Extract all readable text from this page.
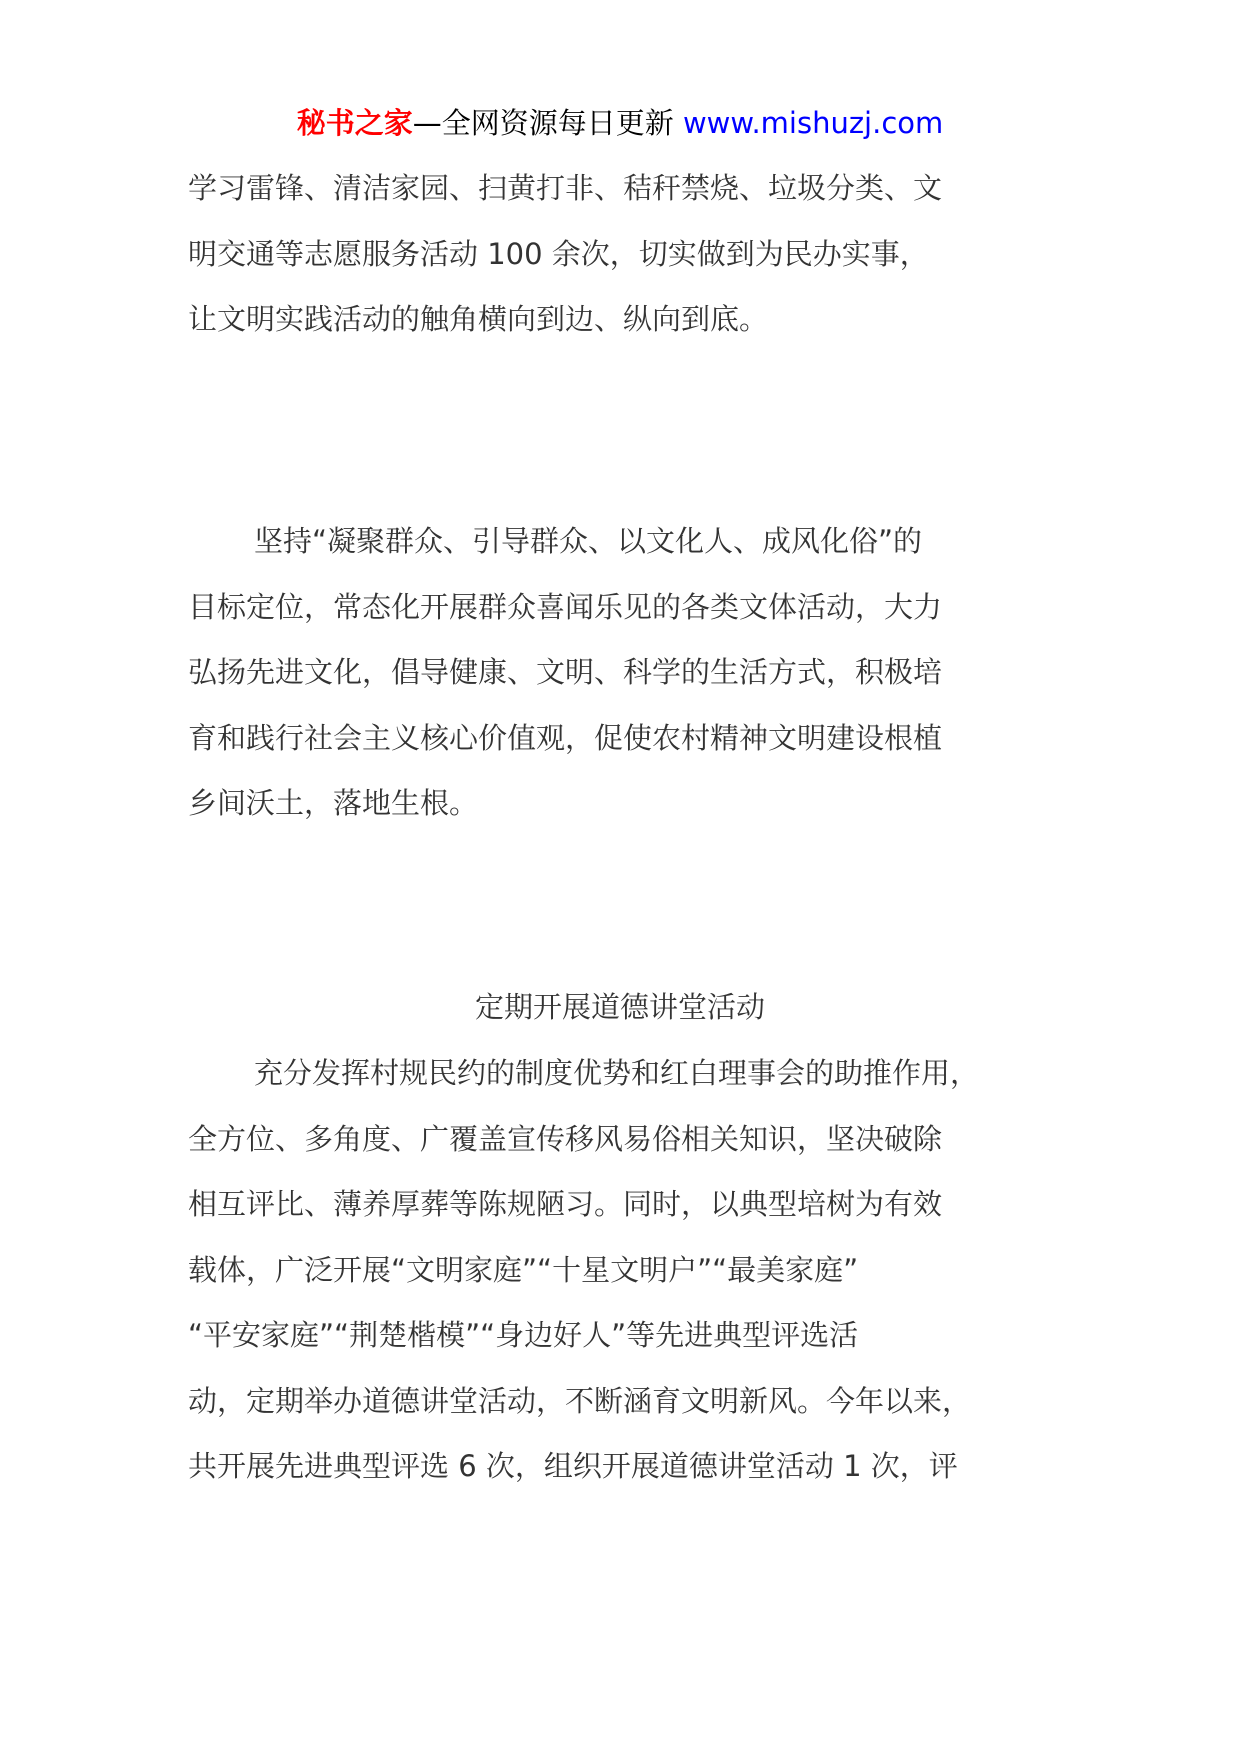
秘书之家—全网资源每日更新 www.mishuzj.com
学习雷锋、清洁家园、扫黄打非、秸秆禁烧、垃圾分类、文
明交通等志愿服务活动 100 余次，切实做到为民办实事，
让文明实践活动的触角横向到边、纵向到底。
坚持“凝聚群众、引导群众、以文化人、成风化俗”的
目标定位，常态化开展群众喜闻乐见的各类文体活动，大力
弘扬先进文化，倡导健康、文明、科学的生活方式，积极培
育和践行社会主义核心价值观，促使农村精神文明建设根植
乡间沃土，落地生根。
定期开展道德讲堂活动
充分发挥村规民约的制度优势和红白理事会的助推作用，
全方位、多角度、广覆盖宣传移风易俗相关知识，坚决破除
相互评比、薄养厚葬等陈规陋习。同时，以典型培树为有效
载体，广泛开展“文明家庭”“十星文明户”“最美家庭”
“平安家庭”“荆楚楷模”“身边好人”等先进典型评选活
动，定期举办道德讲堂活动，不断涵育文明新风。今年以来，
共开展先进典型评选 6 次，组织开展道德讲堂活动 1 次，评
